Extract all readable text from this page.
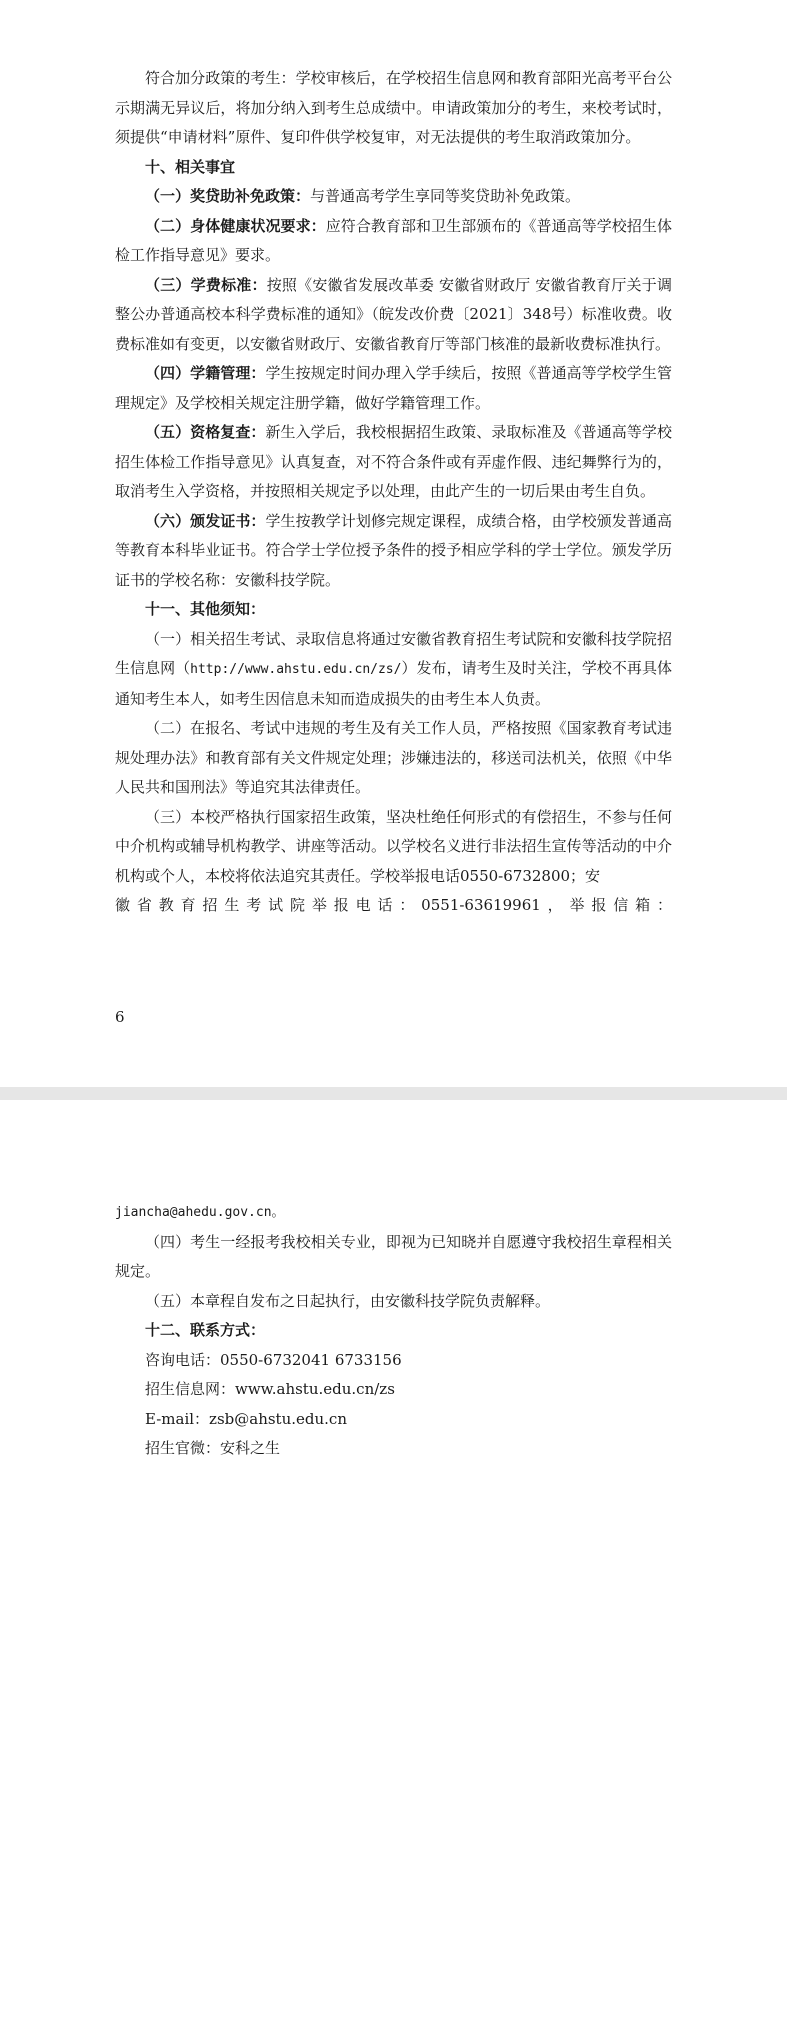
符合加分政策的考生：学校审核后，在学校招生信息网和教育部阳光高考平台公示期满无异议后，将加分纳入到考生总成绩中。申请政策加分的考生，来校考试时，须提供“申请材料”原件、复印件供学校复审，对无法提供的考生取消政策加分。

十、相关事宜

（一）奖贷助补免政策：与普通高考学生享同等奖贷助补免政策。

（二）身体健康状况要求：应符合教育部和卫生部颁布的《普通高等学校招生体检工作指导意见》要求。

（三）学费标准：按照《安徽省发展改革委 安徽省财政厅 安徽省教育厅关于调整公办普通高校本科学费标准的通知》（皖发改价费〔2021〕348号）标准收费。收费标准如有变更，以安徽省财政厅、安徽省教育厅等部门核准的最新收费标准执行。

（四）学籍管理：学生按规定时间办理入学手续后，按照《普通高等学校学生管理规定》及学校相关规定注册学籍，做好学籍管理工作。

（五）资格复查：新生入学后，我校根据招生政策、录取标准及《普通高等学校招生体检工作指导意见》认真复查，对不符合条件或有弄虚作假、违纪舞弊行为的，取消考生入学资格，并按照相关规定予以处理，由此产生的一切后果由考生自负。

（六）颁发证书：学生按教学计划修完规定课程，成绩合格，由学校颁发普通高等教育本科毕业证书。符合学士学位授予条件的授予相应学科的学士学位。颁发学历证书的学校名称：安徽科技学院。

十一、其他须知：

（一）相关招生考试、录取信息将通过安徽省教育招生考试院和安徽科技学院招生信息网（http://www.ahstu.edu.cn/zs/）发布，请考生及时关注，学校不再具体通知考生本人，如考生因信息未知而造成损失的由考生本人负责。

（二）在报名、考试中违规的考生及有关工作人员，严格按照《国家教育考试违规处理办法》和教育部有关文件规定处理；涉嫌违法的，移送司法机关，依照《中华人民共和国刑法》等追究其法律责任。

（三）本校严格执行国家招生政策，坚决杜绝任何形式的有偿招生，不参与任何中介机构或辅导机构教学、讲座等活动。以学校名义进行非法招生宣传等活动的中介机构或个人，本校将依法追究其责任。学校举报电话0550-6732800；安

徽省教育招生考试院举报电话：0551-63619961，举报信箱：

6

jiancha@ahedu.gov.cn。

（四）考生一经报考我校相关专业，即视为已知晓并自愿遵守我校招生章程相关规定。

（五）本章程自发布之日起执行，由安徽科技学院负责解释。

十二、联系方式：

咨询电话：0550-6732041 6733156

招生信息网：www.ahstu.edu.cn/zs

E-mail：zsb@ahstu.edu.cn

招生官微：安科之生
